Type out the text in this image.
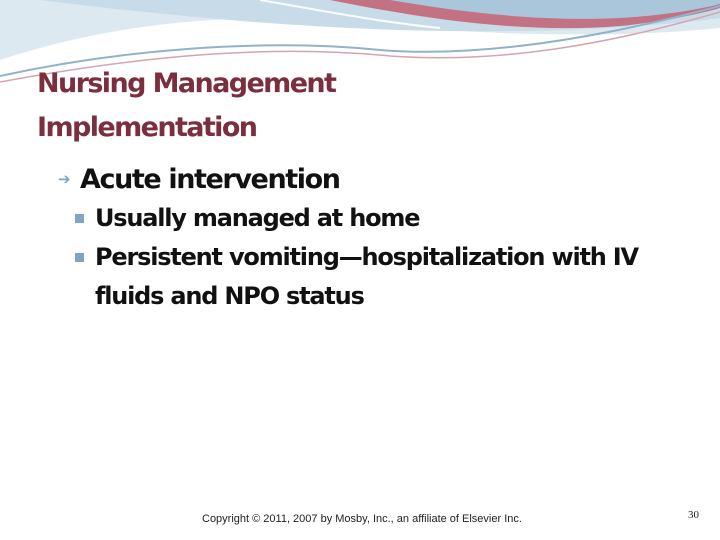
Nursing Management
Implementation
➔ Acute intervention
Usually managed at home
Persistent vomiting—hospitalization with IV fluids and NPO status
Copyright © 2011, 2007 by Mosby, Inc., an affiliate of Elsevier Inc.	30
